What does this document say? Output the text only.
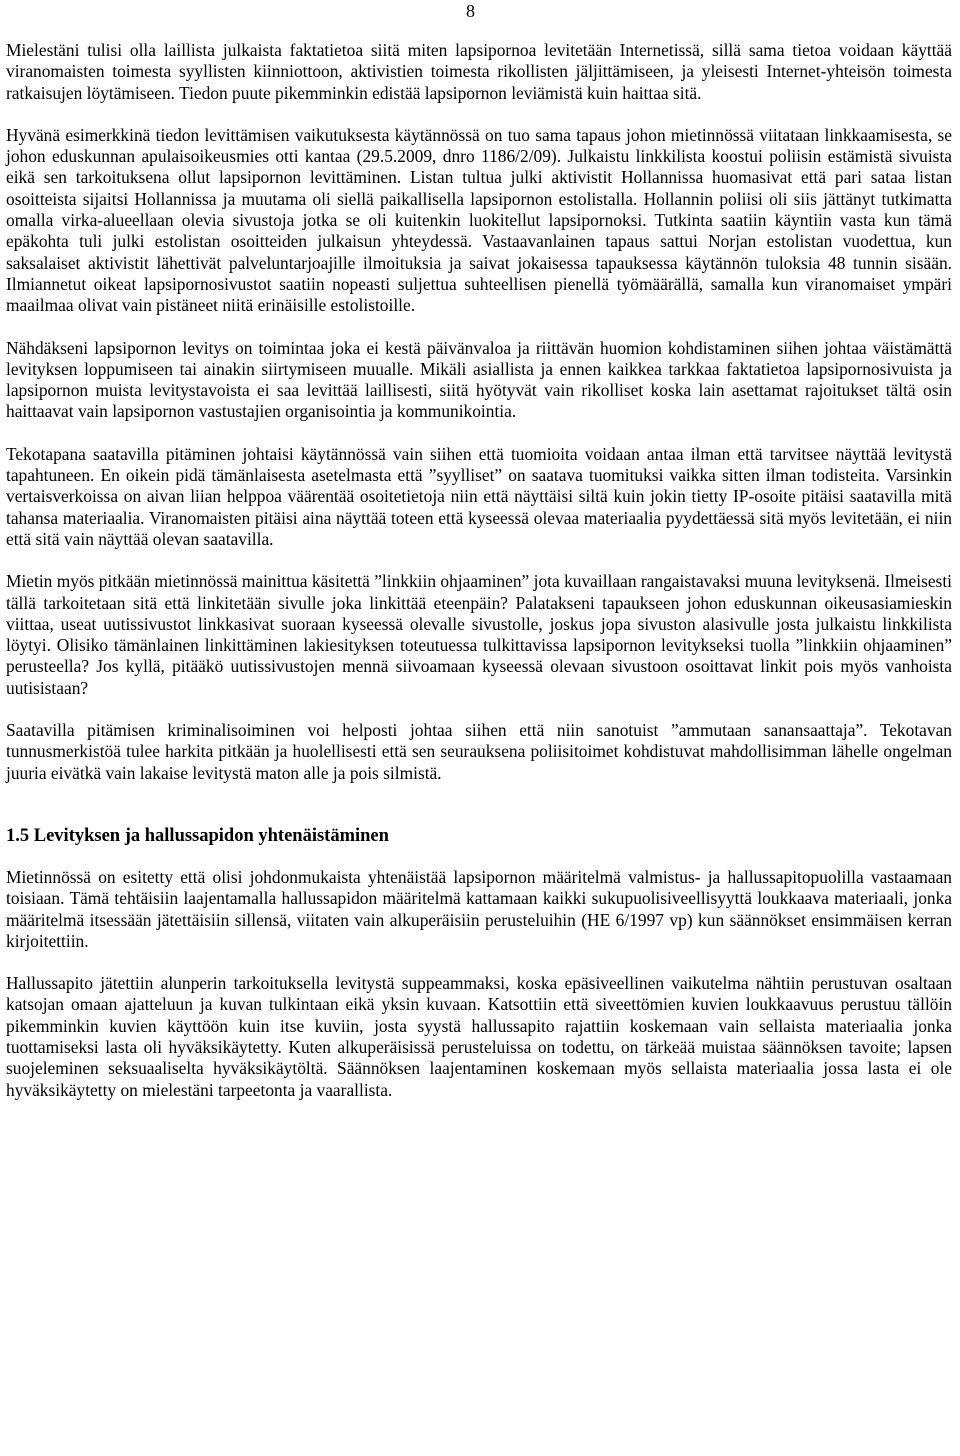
8

Mielestäni tulisi olla laillista julkaista faktatietoa siitä miten lapsipornoa levitetään Internetissä, sillä sama tietoa voidaan käyttää viranomaisten toimesta syyllisten kiinniottoon, aktivistien toimesta rikollisten jäljittämiseen, ja yleisesti Internet-yhteisön toimesta ratkaisujen löytämiseen. Tiedon puute pikemminkin edistää lapsipornon leviämistä kuin haittaa sitä.

Hyvänä esimerkkinä tiedon levittämisen vaikutuksesta käytännössä on tuo sama tapaus johon mietinnössä viitataan linkkaamisesta, se johon eduskunnan apulaisoikeusmies otti kantaa (29.5.2009, dnro 1186/2/09). Julkaistu linkkilista koostui poliisin estämistä sivuista eikä sen tarkoituksena ollut lapsipornon levittäminen. Listan tultua julki aktivistit Hollannissa huomasivat että pari sataa listan osoitteista sijaitsi Hollannissa ja muutama oli siellä paikallisella lapsipornon estolistalla. Hollannin poliisi oli siis jättänyt tutkimatta omalla virka-alueellaan olevia sivustoja jotka se oli kuitenkin luokitellut lapsipornoksi. Tutkinta saatiin käyntiin vasta kun tämä epäkohta tuli julki estolistan osoitteiden julkaisun yhteydessä. Vastaavanlainen tapaus sattui Norjan estolistan vuodettua, kun saksalaiset aktivistit lähettivät palveluntarjoajille ilmoituksia ja saivat jokaisessa tapauksessa käytännön tuloksia 48 tunnin sisään. Ilmiannetut oikeat lapsipornosivustot saatiin nopeasti suljettua suhteellisen pienellä työmäärällä, samalla kun viranomaiset ympäri maailmaa olivat vain pistäneet niitä erinäisille estolistoille.

Nähdäkseni lapsipornon levitys on toimintaa joka ei kestä päivänvaloa ja riittävän huomion kohdistaminen siihen johtaa väistämättä levityksen loppumiseen tai ainakin siirtymiseen muualle. Mikäli asiallista ja ennen kaikkea tarkkaa faktatietoa lapsipornosivuista ja lapsipornon muista levitystavoista ei saa levittää laillisesti, siitä hyötyvät vain rikolliset koska lain asettamat rajoitukset tältä osin haittaavat vain lapsipornon vastustajien organisointia ja kommunikointia.

Tekotapana saatavilla pitäminen johtaisi käytännössä vain siihen että tuomioita voidaan antaa ilman että tarvitsee näyttää levitystä tapahtuneen. En oikein pidä tämänlaisesta asetelmasta että ”syylliset” on saatava tuomituksi vaikka sitten ilman todisteita. Varsinkin vertaisverkoissa on aivan liian helppoa väärentää osoitetietoja niin että näyttäisi siltä kuin jokin tietty IP-osoite pitäisi saatavilla mitä tahansa materiaalia. Viranomaisten pitäisi aina näyttää toteen että kyseessä olevaa materiaalia pyydettäessä sitä myös levitetään, ei niin että sitä vain näyttää olevan saatavilla.

Mietin myös pitkään mietinnössä mainittua käsitettä ”linkkiin ohjaaminen” jota kuvaillaan rangaistavaksi muuna levityksenä. Ilmeisesti tällä tarkoitetaan sitä että linkitetään sivulle joka linkittää eteenpäin? Palatakseni tapaukseen johon eduskunnan oikeusasiamieskin viittaa, useat uutissivustot linkkasivat suoraan kyseessä olevalle sivustolle, joskus jopa sivuston alasivulle josta julkaistu linkkilista löytyi. Olisiko tämänlainen linkittäminen lakiesityksen toteutuessa tulkittavissa lapsipornon levitykseksi tuolla ”linkkiin ohjaaminen” perusteella? Jos kyllä, pitääkö uutissivustojen mennä siivoamaan kyseessä olevaan sivustoon osoittavat linkit pois myös vanhoista uutisistaan?

Saatavilla pitämisen kriminalisoiminen voi helposti johtaa siihen että niin sanotuist ”ammutaan sanansaattaja”. Tekotavan tunnusmerkistöä tulee harkita pitkään ja huolellisesti että sen seurauksena poliisitoimet kohdistuvat mahdollisimman lähelle ongelman juuria eivätkä vain lakaise levitystä maton alle ja pois silmistä.

1.5 Levityksen ja hallussapidon yhtenäistäminen

Mietinnössä on esitetty että olisi johdonmukaista yhtenäistää lapsipornon määritelmä valmistus- ja hallussapitopuolilla vastaamaan toisiaan. Tämä tehtäisiin laajentamalla hallussapidon määritelmä kattamaan kaikki sukupuolisiveellisyyttä loukkaava materiaali, jonka määritelmä itsessään jätettäisiin sillensä, viitaten vain alkuperäisiin perusteluihin (HE 6/1997 vp) kun säännökset ensimmäisen kerran kirjoitettiin.

Hallussapito jätettiin alunperin tarkoituksella levitystä suppeammaksi, koska epäsiveellinen vaikutelma nähtiin perustuvan osaltaan katsojan omaan ajatteluun ja kuvan tulkintaan eikä yksin kuvaan. Katsottiin että siveettömien kuvien loukkaavuus perustuu tällöin pikemminkin kuvien käyttöön kuin itse kuviin, josta syystä hallussapito rajattiin koskemaan vain sellaista materiaalia jonka tuottamiseksi lasta oli hyväksikäytetty. Kuten alkuperäisissä perusteluissa on todettu, on tärkeää muistaa säännöksen tavoite; lapsen suojeleminen seksuaaliselta hyväksikäytöltä. Säännöksen laajentaminen koskemaan myös sellaista materiaalia jossa lasta ei ole hyväksikäytetty on mielestäni tarpeetonta ja vaarallista.
